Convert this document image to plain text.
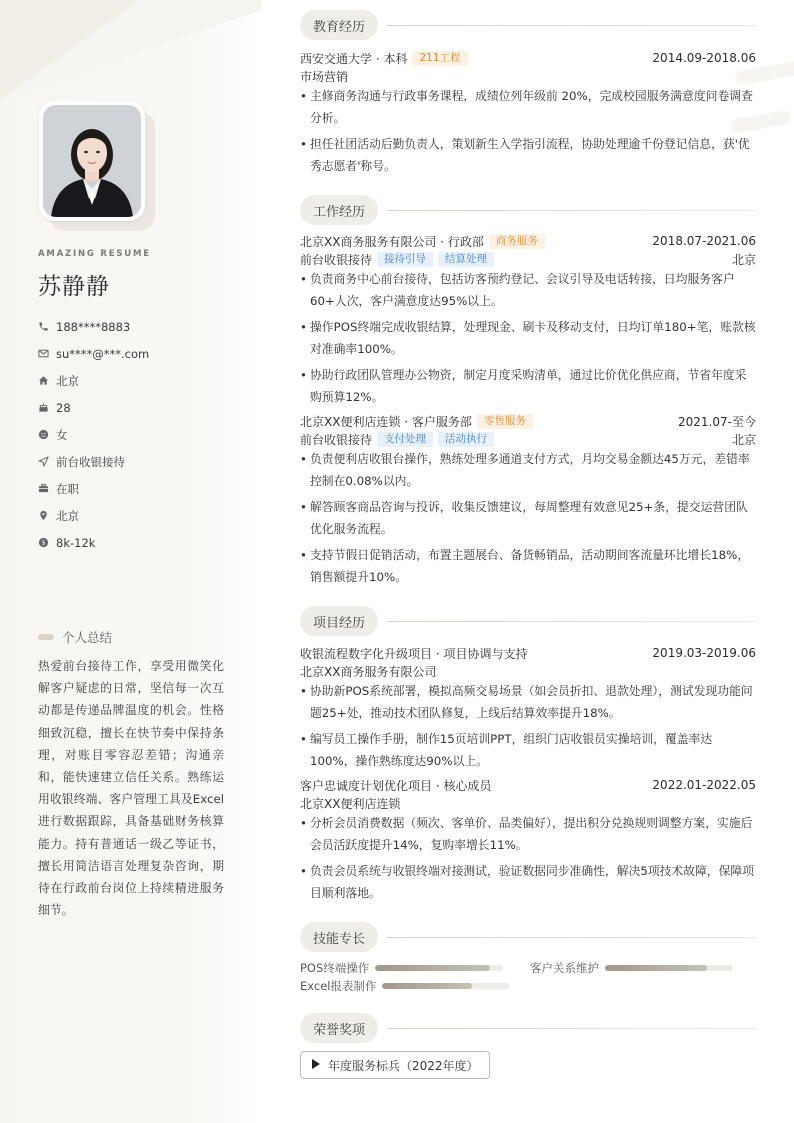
AMAZING RESUME
苏静静
188****8883
su****@***.com
北京
28
女
前台收银接待
在职
北京
$ 8k-12k
个人总结
热爱前台接待工作，享受用微笑化解客户疑虑的日常，坚信每一次互动都是传递品牌温度的机会。性格细致沉稳，擅长在快节奏中保持条理，对账目零容忍差错；沟通亲和，能快速建立信任关系。熟练运用收银终端、客户管理工具及Excel进行数据跟踪，具备基础财务核算能力。持有普通话一级乙等证书，擅长用简洁语言处理复杂咨询，期待在行政前台岗位上持续精进服务细节。
教育经历
西安交通大学 · 本科	211工程	2014.09-2018.06
市场营销
• 主修商务沟通与行政事务课程，成绩位列年级前 20%，完成校园服务满意度问卷调查分析。
• 担任社团活动后勤负责人，策划新生入学指引流程，协助处理逾千份登记信息，获'优秀志愿者'称号。
工作经历
北京XX商务服务有限公司 · 行政部	商务服务	2018.07-2021.06
前台收银接待	接待引导	结算处理	北京
• 负责商务中心前台接待，包括访客预约登记、会议引导及电话转接，日均服务客户60+人次，客户满意度达95%以上。
• 操作POS终端完成收银结算，处理现金、刷卡及移动支付，日均订单180+笔，账款核对准确率100%。
• 协助行政团队管理办公物资，制定月度采购清单，通过比价优化供应商，节省年度采购预算12%。
北京XX便利店连锁 · 客户服务部	零售服务	2021.07-至今
前台收银接待	支付处理	活动执行	北京
• 负责便利店收银台操作，熟练处理多通道支付方式，月均交易金额达45万元，差错率控制在0.08%以内。
• 解答顾客商品咨询与投诉，收集反馈建议，每周整理有效意见25+条，提交运营团队优化服务流程。
• 支持节假日促销活动，布置主题展台、备货畅销品，活动期间客流量环比增长18%，销售额提升10%。
项目经历
收银流程数字化升级项目 · 项目协调与支持	2019.03-2019.06
北京XX商务服务有限公司
• 协助新POS系统部署，模拟高频交易场景（如会员折扣、退款处理），测试发现功能问题25+处，推动技术团队修复，上线后结算效率提升18%。
• 编写员工操作手册，制作15页培训PPT，组织门店收银员实操培训，覆盖率达100%，操作熟练度达90%以上。
客户忠诚度计划优化项目 · 核心成员	2022.01-2022.05
北京XX便利店连锁
• 分析会员消费数据（频次、客单价、品类偏好），提出积分兑换规则调整方案，实施后会员活跃度提升14%，复购率增长11%。
• 负责会员系统与收银终端对接测试，验证数据同步准确性，解决5项技术故障，保障项目顺利落地。
技能专长
POS终端操作	客户关系维护
Excel报表制作
荣誉奖项
年度服务标兵（2022年度）
